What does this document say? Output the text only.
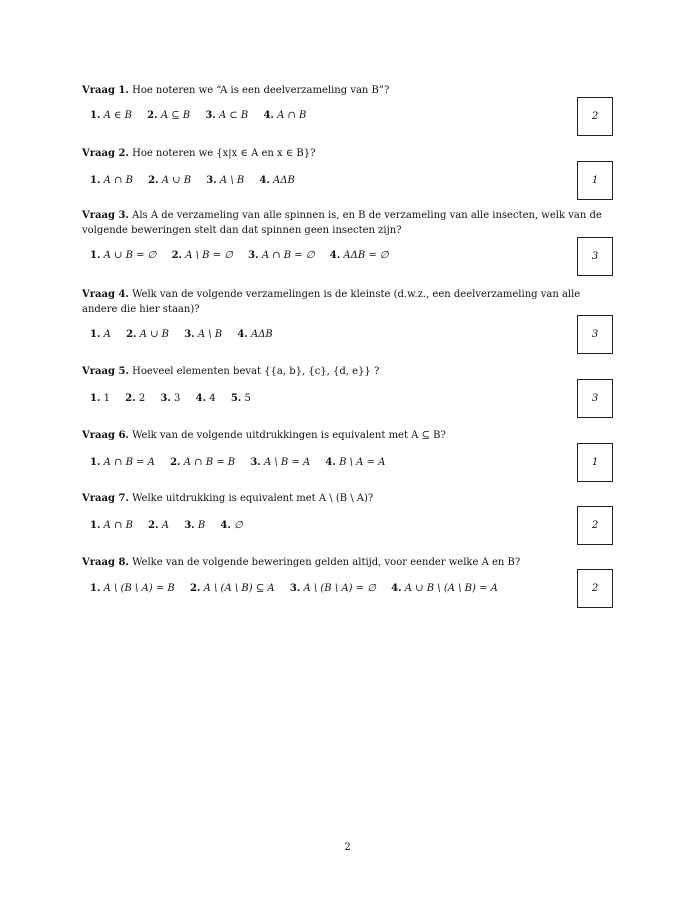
Vraag 1. Hoe noteren we “A is een deelverzameling van B”?

1. A ∈ B 2. A ⊆ B 3. A ⊂ B 4. A ∩ B	2

Vraag 2. Hoe noteren we {x|x ∈ A en x ∈ B}?

1. A ∩ B 2. A ∪ B 3. A \ B 4. AΔB	1

Vraag 3. Als A de verzameling van alle spinnen is, en B de verzameling van alle insecten, welk van de volgende beweringen stelt dan dat spinnen geen insecten zijn?

1. A ∪ B = ∅ 2. A \ B = ∅ 3. A ∩ B = ∅ 4. AΔB = ∅	3

Vraag 4. Welk van de volgende verzamelingen is de kleinste (d.w.z., een deelverzameling van alle andere die hier staan)?

1. A 2. A ∪ B 3. A \ B 4. AΔB	3

Vraag 5. Hoeveel elementen bevat {{a, b}, {c}, {d, e}} ?

1. 1 2. 2 3. 3 4. 4 5. 5	3

Vraag 6. Welk van de volgende uitdrukkingen is equivalent met A ⊆ B?

1. A ∩ B = A 2. A ∩ B = B 3. A \ B = A 4. B \ A = A	1

Vraag 7. Welke uitdrukking is equivalent met A \ (B \ A)?

1. A ∩ B 2. A 3. B 4. ∅	2

Vraag 8. Welke van de volgende beweringen gelden altijd, voor eender welke A en B?

1. A \ (B \ A) = B 2. A \ (A \ B) ⊆ A 3. A \ (B \ A) = ∅ 4. A ∪ B \ (A \ B) = A	2
2
